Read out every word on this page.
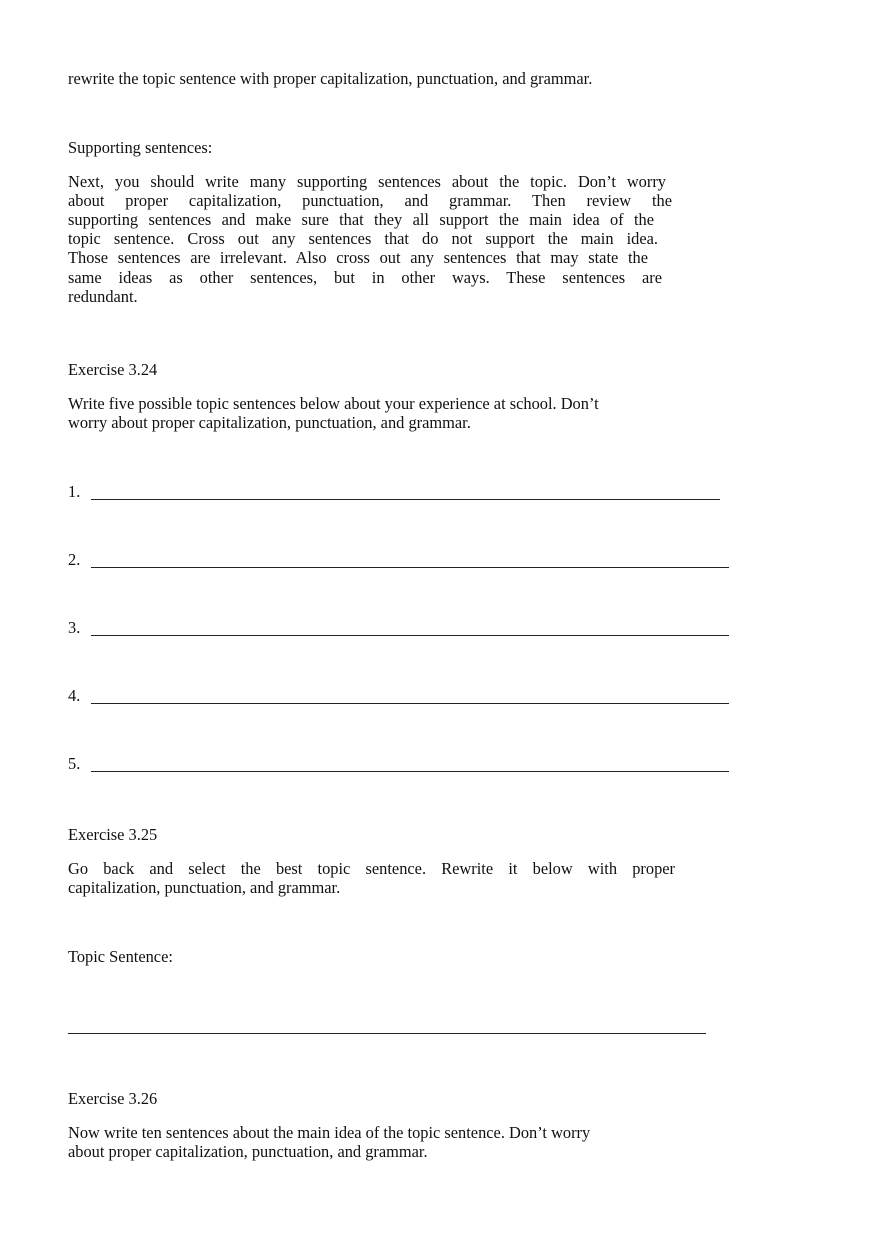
rewrite the topic sentence with proper capitalization, punctuation, and grammar.
Supporting sentences:
Next, you should write many supporting sentences about the topic. Don’t worry
about proper capitalization, punctuation, and grammar. Then review the
supporting sentences and make sure that they all support the main idea of the
topic sentence. Cross out any sentences that do not support the main idea.
Those sentences are irrelevant. Also cross out any sentences that may state the
same ideas as other sentences, but in other ways. These sentences are
redundant.
Exercise 3.24
Write five possible topic sentences below about your experience at school. Don’t
worry about proper capitalization, punctuation, and grammar.
1.
2.
3.
4.
5.
Exercise 3.25
Go back and select the best topic sentence. Rewrite it below with proper
capitalization, punctuation, and grammar.
Topic Sentence:
Exercise 3.26
Now write ten sentences about the main idea of the topic sentence. Don’t worry
about proper capitalization, punctuation, and grammar.
